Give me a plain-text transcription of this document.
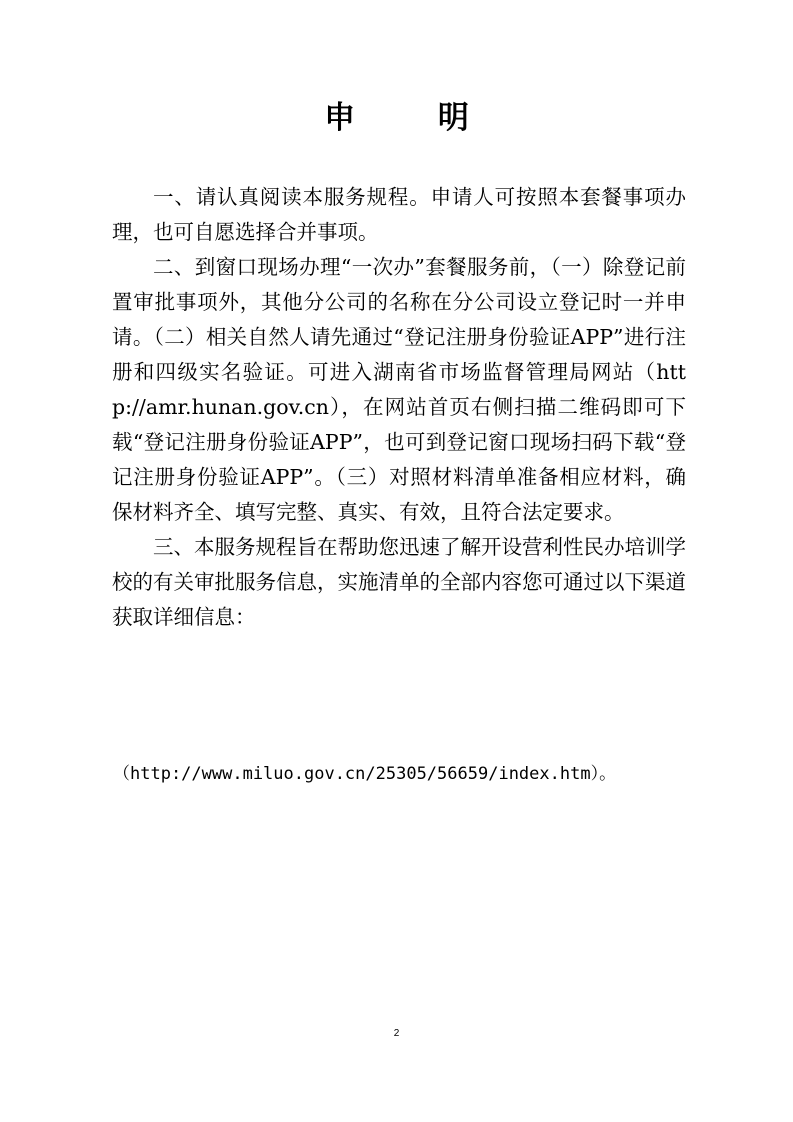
申 明

一、请认真阅读本服务规程。申请人可按照本套餐事项办理，也可自愿选择合并事项。

二、到窗口现场办理“一次办”套餐服务前，（一）除登记前置审批事项外，其他分公司的名称在分公司设立登记时一并申请。（二）相关自然人请先通过“登记注册身份验证APP”进行注册和四级实名验证。可进入湖南省市场监督管理局网站（http://amr.hunan.gov.cn），在网站首页右侧扫描二维码即可下载“登记注册身份验证APP”，也可到登记窗口现场扫码下载“登记注册身份验证APP”。（三）对照材料清单准备相应材料，确保材料齐全、填写完整、真实、有效，且符合法定要求。

三、本服务规程旨在帮助您迅速了解开设营利性民办培训学校的有关审批服务信息，实施清单的全部内容您可通过以下渠道获取详细信息：

（http://www.miluo.gov.cn/25305/56659/index.htm）。
2
